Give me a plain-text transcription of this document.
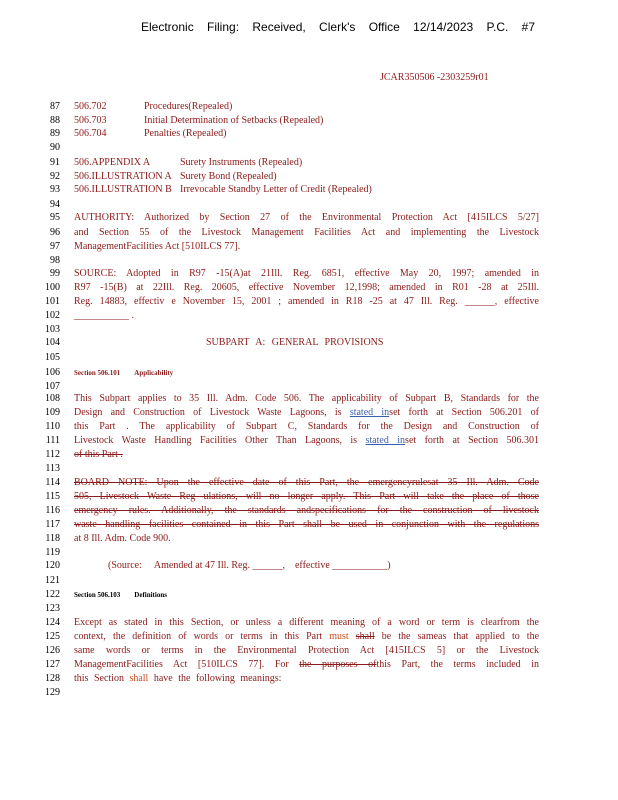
Electronic Filing: Received, Clerk's Office 12/14/2023 P.C. #7
JCAR350506 -2303259r01
87
88
89
90
91
92
93
94
95
96
97
98
99
100
101
102
103
104
105
106
107
108
109
110
111
112
113
114
115
116
117
118
119
120
121
122
123
124
125
126
127
128
129
506.702	Procedures(Repealed)
506.703	Initial Determination of Setbacks (Repealed)
506.704	Penalties (Repealed)
506.APPENDIX A	Surety Instruments (Repealed)
506.ILLUSTRATION A Surety Bond (Repealed)
506.ILLUSTRATION B Irrevocable Standby Letter of Credit (Repealed)
AUTHORITY: Authorized by Section 27 of the Environmental Protection Act [415ILCS 5/27]
and Section 55 of the Livestock Management Facilities Act and implementing the Livestock
ManagementFacilities Act [510ILCS 77].
SOURCE: Adopted in R97 -15(A)at 21Ill. Reg. 6851, effective May 20, 1997; amended in
R97 -15(B) at 22Ill. Reg. 20605, effective November 12,1998; amended in R01 -28 at 25Ill.
Reg. 14883, effectiv e November 15, 2001 ; amended in R18 -25 at 47 Ill. Reg. ______, effective
___________ .
SUBPART A: GENERAL PROVISIONS
Section 506.101 Applicability
This Subpart applies to 35 Ill. Adm. Code 506. The applicability of Subpart B, Standards for the
Design and Construction of Livestock Waste Lagoons, is stated inset forth at Section 506.201 of
this Part . The applicability of Subpart C, Standards for the Design and Construction of
Livestock Waste Handling Facilities Other Than Lagoons, is stated inset forth at Section 506.301
of this Part .
BOARD NOTE: Upon the effective date of this Part, the emergencyrulesat 35 Ill. Adm. Code
505, Livestock Waste Reg ulations, will no longer apply. This Part will take the place of those
emergency rules. Additionally, the standards andspecifications for the construction of livestock
waste handling facilities contained in this Part shall be used in conjunction with the regulations
at 8 Ill. Adm. Code 900.
(Source: Amended at 47 Ill. Reg. ______, effective ___________)
Section 506.103 Definitions
Except as stated in this Section, or unless a different meaning of a word or term is clearfrom the
context, the definition of words or terms in this Part must shall be the sameas that applied to the
same words or terms in the Environmental Protection Act [415ILCS 5] or the Livestock
ManagementFacilities Act [510ILCS 77]. For the purposes ofthis Part, the terms included in
this Section shall have the following meanings:
